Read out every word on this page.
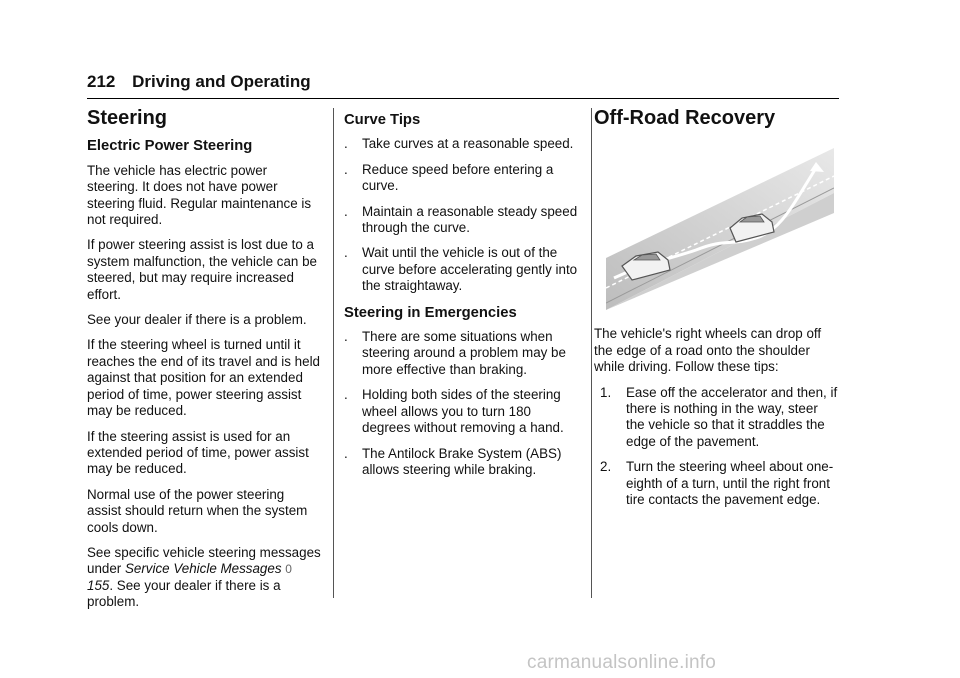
212 Driving and Operating
Steering
Electric Power Steering

The vehicle has electric power steering. It does not have power steering fluid. Regular maintenance is not required.

If power steering assist is lost due to a system malfunction, the vehicle can be steered, but may require increased effort.

See your dealer if there is a problem.

If the steering wheel is turned until it reaches the end of its travel and is held against that position for an extended period of time, power steering assist may be reduced.

If the steering assist is used for an extended period of time, power assist may be reduced.

Normal use of the power steering assist should return when the system cools down.

See specific vehicle steering messages under Service Vehicle Messages 0 155. See your dealer if there is a problem.

Curve Tips
. Take curves at a reasonable speed.
. Reduce speed before entering a curve.
. Maintain a reasonable steady speed through the curve.
. Wait until the vehicle is out of the curve before accelerating gently into the straightaway.
Steering in Emergencies
. There are some situations when steering around a problem may be more effective than braking.
. Holding both sides of the steering wheel allows you to turn 180 degrees without removing a hand.
. The Antilock Brake System (ABS) allows steering while braking.
Off-Road Recovery

The vehicle's right wheels can drop off the edge of a road onto the shoulder while driving. Follow these tips:

1. Ease off the accelerator and then, if there is nothing in the way, steer the vehicle so that it straddles the edge of the pavement.
2. Turn the steering wheel about one-eighth of a turn, until the right front tire contacts the pavement edge.
carmanualsonline.info
